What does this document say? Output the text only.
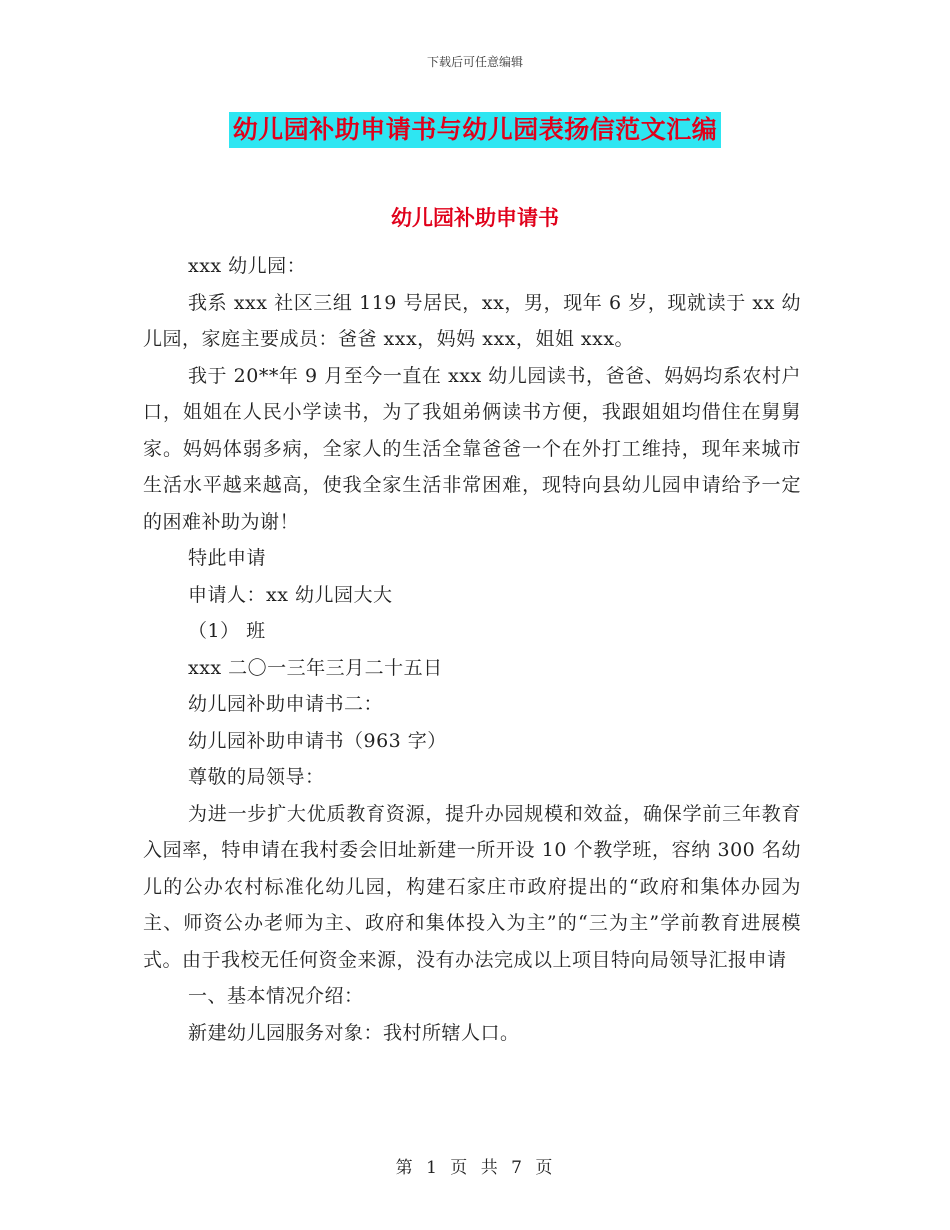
下载后可任意编辑
幼儿园补助申请书与幼儿园表扬信范文汇编
幼儿园补助申请书

xxx 幼儿园：

我系 xxx 社区三组 119 号居民，xx，男，现年 6 岁，现就读于 xx 幼儿园，家庭主要成员：爸爸 xxx，妈妈 xxx，姐姐 xxx。

我于 20**年 9 月至今一直在 xxx 幼儿园读书，爸爸、妈妈均系农村户口，姐姐在人民小学读书，为了我姐弟俩读书方便，我跟姐姐均借住在舅舅家。妈妈体弱多病，全家人的生活全靠爸爸一个在外打工维持，现年来城市生活水平越来越高，使我全家生活非常困难，现特向县幼儿园申请给予一定的困难补助为谢！

特此申请

申请人：xx 幼儿园大大

（1） 班

xxx 二〇一三年三月二十五日

幼儿园补助申请书二：

幼儿园补助申请书（963 字）

尊敬的局领导：

为进一步扩大优质教育资源，提升办园规模和效益，确保学前三年教育入园率，特申请在我村委会旧址新建一所开设 10 个教学班，容纳 300 名幼儿的公办农村标准化幼儿园，构建石家庄市政府提出的“政府和集体办园为主、师资公办老师为主、政府和集体投入为主”的“三为主”学前教育进展模式。由于我校无任何资金来源，没有办法完成以上项目特向局领导汇报申请

一、基本情况介绍：

新建幼儿园服务对象：我村所辖人口。

第 1 页 共 7 页
